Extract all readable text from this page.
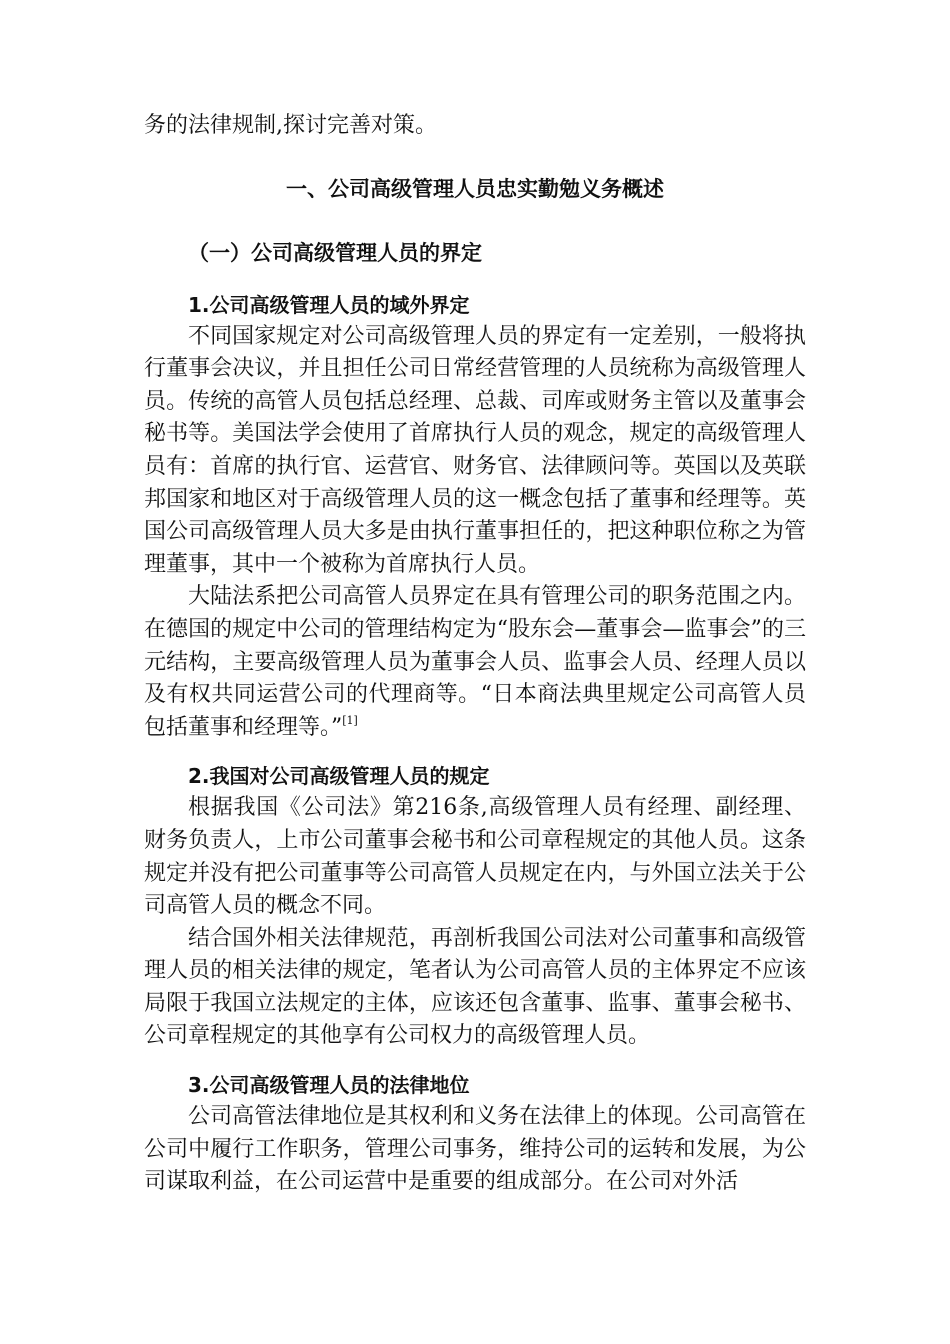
务的法律规制,探讨完善对策。

一、公司高级管理人员忠实勤勉义务概述
（一）公司高级管理人员的界定
1.公司高级管理人员的域外界定

不同国家规定对公司高级管理人员的界定有一定差别，一般将执行董事会决议，并且担任公司日常经营管理的人员统称为高级管理人员。传统的高管人员包括总经理、总裁、司库或财务主管以及董事会秘书等。美国法学会使用了首席执行人员的观念，规定的高级管理人员有：首席的执行官、运营官、财务官、法律顾问等。英国以及英联邦国家和地区对于高级管理人员的这一概念包括了董事和经理等。英国公司高级管理人员大多是由执行董事担任的，把这种职位称之为管理董事，其中一个被称为首席执行人员。

大陆法系把公司高管人员界定在具有管理公司的职务范围之内。在德国的规定中公司的管理结构定为“股东会—董事会—监事会”的三元结构，主要高级管理人员为董事会人员、监事会人员、经理人员以及有权共同运营公司的代理商等。“日本商法典里规定公司高管人员包括董事和经理等。”[1]

2.我国对公司高级管理人员的规定

根据我国《公司法》第216条,高级管理人员有经理、副经理、财务负责人，上市公司董事会秘书和公司章程规定的其他人员。这条规定并没有把公司董事等公司高管人员规定在内，与外国立法关于公司高管人员的概念不同。

结合国外相关法律规范，再剖析我国公司法对公司董事和高级管理人员的相关法律的规定，笔者认为公司高管人员的主体界定不应该局限于我国立法规定的主体，应该还包含董事、监事、董事会秘书、公司章程规定的其他享有公司权力的高级管理人员。

3.公司高级管理人员的法律地位

公司高管法律地位是其权利和义务在法律上的体现。公司高管在公司中履行工作职务，管理公司事务，维持公司的运转和发展，为公司谋取利益，在公司运营中是重要的组成部分。在公司对外活
